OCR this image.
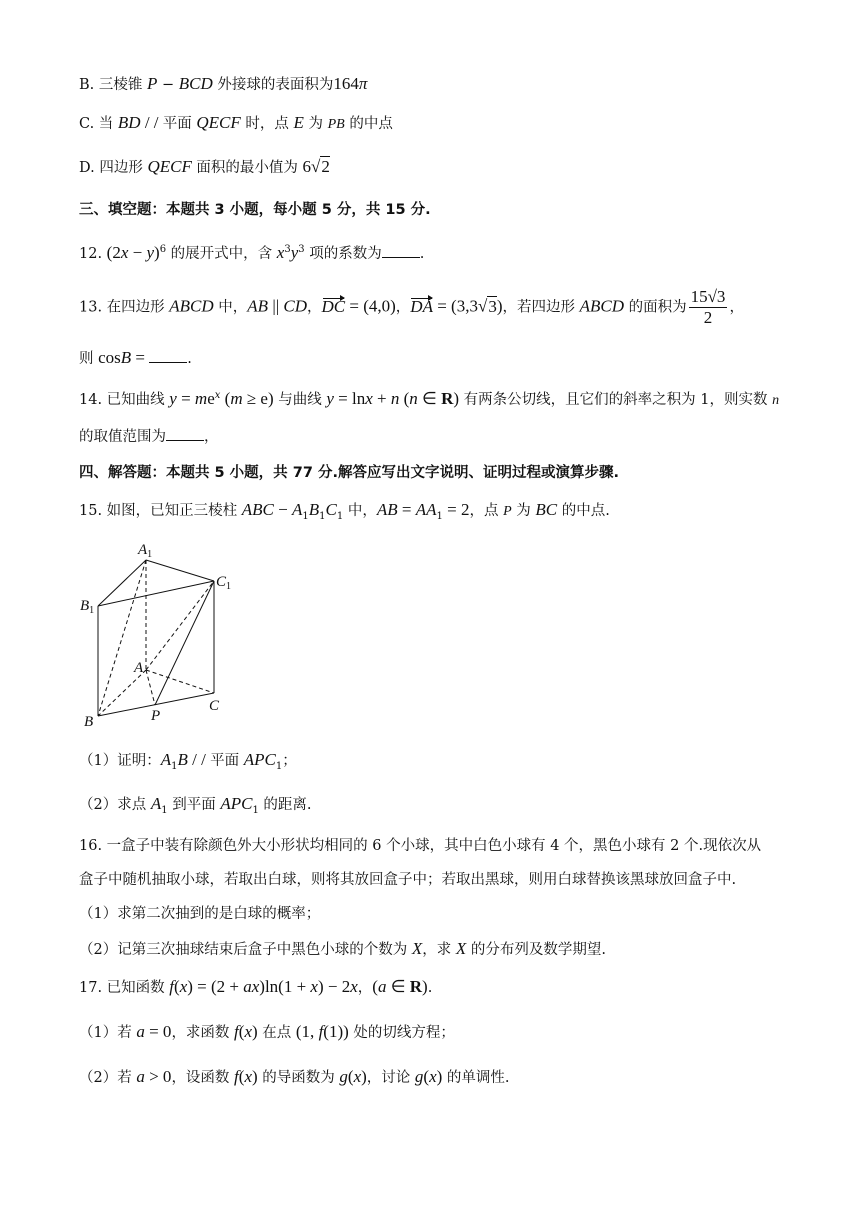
B. 三棱锥 P − BCD 外接球的表面积为164π
C. 当 BD / / 平面 QECF 时，点 E 为 PB 的中点
D. 四边形 QECF 面积的最小值为 6√2
三、填空题：本题共 3 小题，每小题 5 分，共 15 分.
12. $(2x - y)^6$ 的展开式中，含 $x^3y^3$ 项的系数为	.
13. 在四边形 ABCD 中，AB || CD，DC = (4,0)，DA = (3,3√3)，若四边形 ABCD 的面积为 $\frac{15√3}{2}$ ，
则 cosB =	.
14. 已知曲线 $y = me^x$ (m ≥ e) 与曲线 y = lnx + n (n ∈ R) 有两条公切线，且它们的斜率之积为 1，则实数 n
的取值范围为	，
四、解答题：本题共 5 小题，共 77 分.解答应写出文字说明、证明过程或演算步骤.
15. 如图，已知正三棱柱 ABC − $A_1B_1C_1$ 中，AB = $AA_1 = 2$，点 P 为 BC 的中点.
$A_1$
$C_1$
$B_1$
A
B	P
C
（1）证明：$A_1B$ / / 平面 $APC_1$；
（2）求点 $A_1$ 到平面 $APC_1$ 的距离.
16. 一盒子中装有除颜色外大小形状均相同的 6 个小球，其中白色小球有 4 个，黑色小球有 2 个.现依次从
盒子中随机抽取小球，若取出白球，则将其放回盒子中；若取出黑球，则用白球替换该黑球放回盒子中.
（1）求第二次抽到的是白球的概率；
（2）记第三次抽球结束后盒子中黑色小球的个数为 X，求 X 的分布列及数学期望.
17. 已知函数 f(x) = (2 + ax)ln(1 + x) − 2x，(a ∈ R).
（1）若 a = 0，求函数 f(x) 在点 (1, f(1)) 处的切线方程；
（2）若 a > 0，设函数 f(x) 的导函数为 g(x)，讨论 g(x) 的单调性.
